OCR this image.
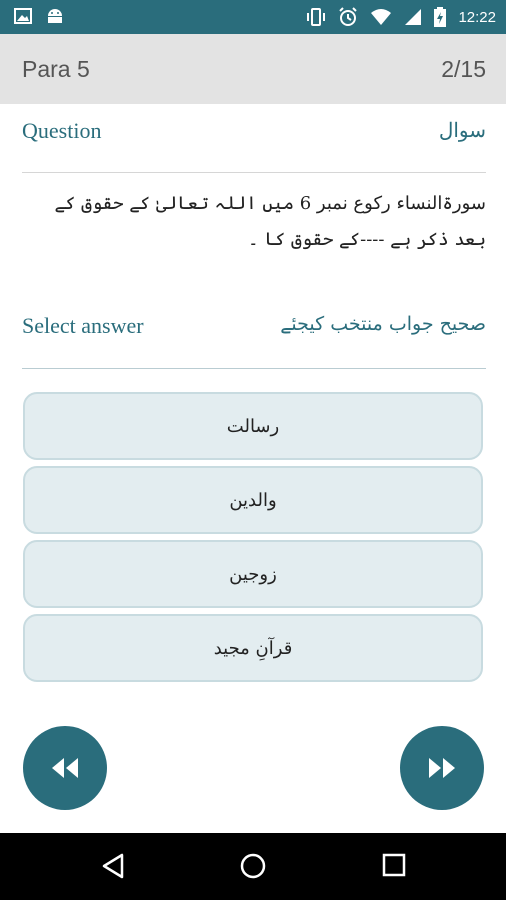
12:22
Para 5	2/15
Question	سوال
سورۃالنساء رکوع نمبر 6 میں اللہ تعالیٰ کے حقوق کے بعد ذکر ہے ----کے حقوق کا ۔
Select answer	صحیح جواب منتخب کیجئے
رسالت
والدین
زوجین
قرآنِ مجید
